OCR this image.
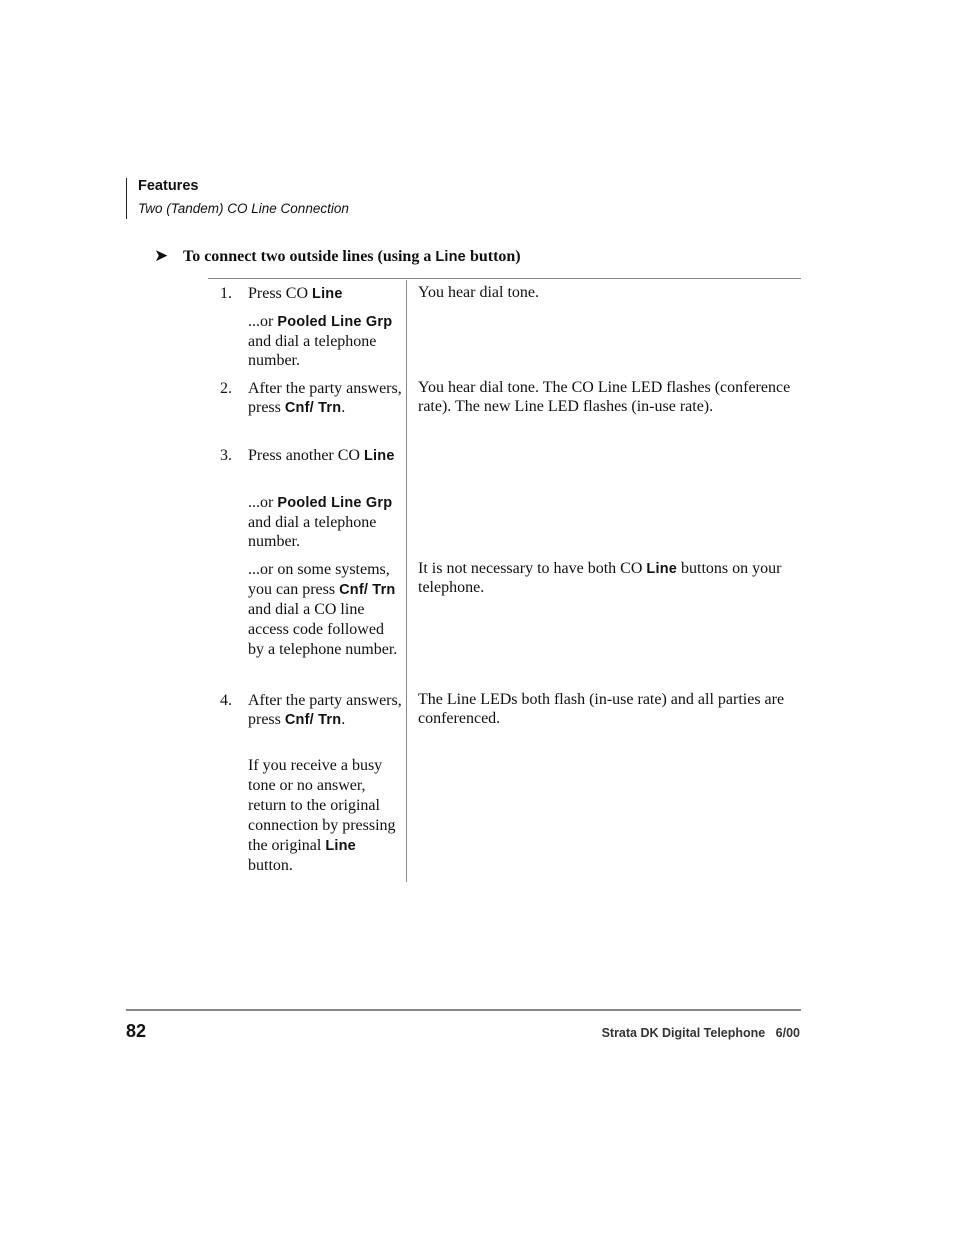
Features
Two (Tandem) CO Line Connection
➤ To connect two outside lines (using a Line button)
1. Press CO Line
...or Pooled Line Grp and dial a telephone number.
You hear dial tone.
2. After the party answers, press Cnf/ Trn.
You hear dial tone. The CO Line LED flashes (conference rate). The new Line LED flashes (in-use rate).
3. Press another CO Line
...or Pooled Line Grp and dial a telephone number.
...or on some systems, you can press Cnf/ Trn and dial a CO line access code followed by a telephone number.
It is not necessary to have both CO Line buttons on your telephone.
4. After the party answers, press Cnf/ Trn.
If you receive a busy tone or no answer, return to the original connection by pressing the original Line button.
The Line LEDs both flash (in-use rate) and all parties are conferenced.
82	Strata DK Digital Telephone   6/00
